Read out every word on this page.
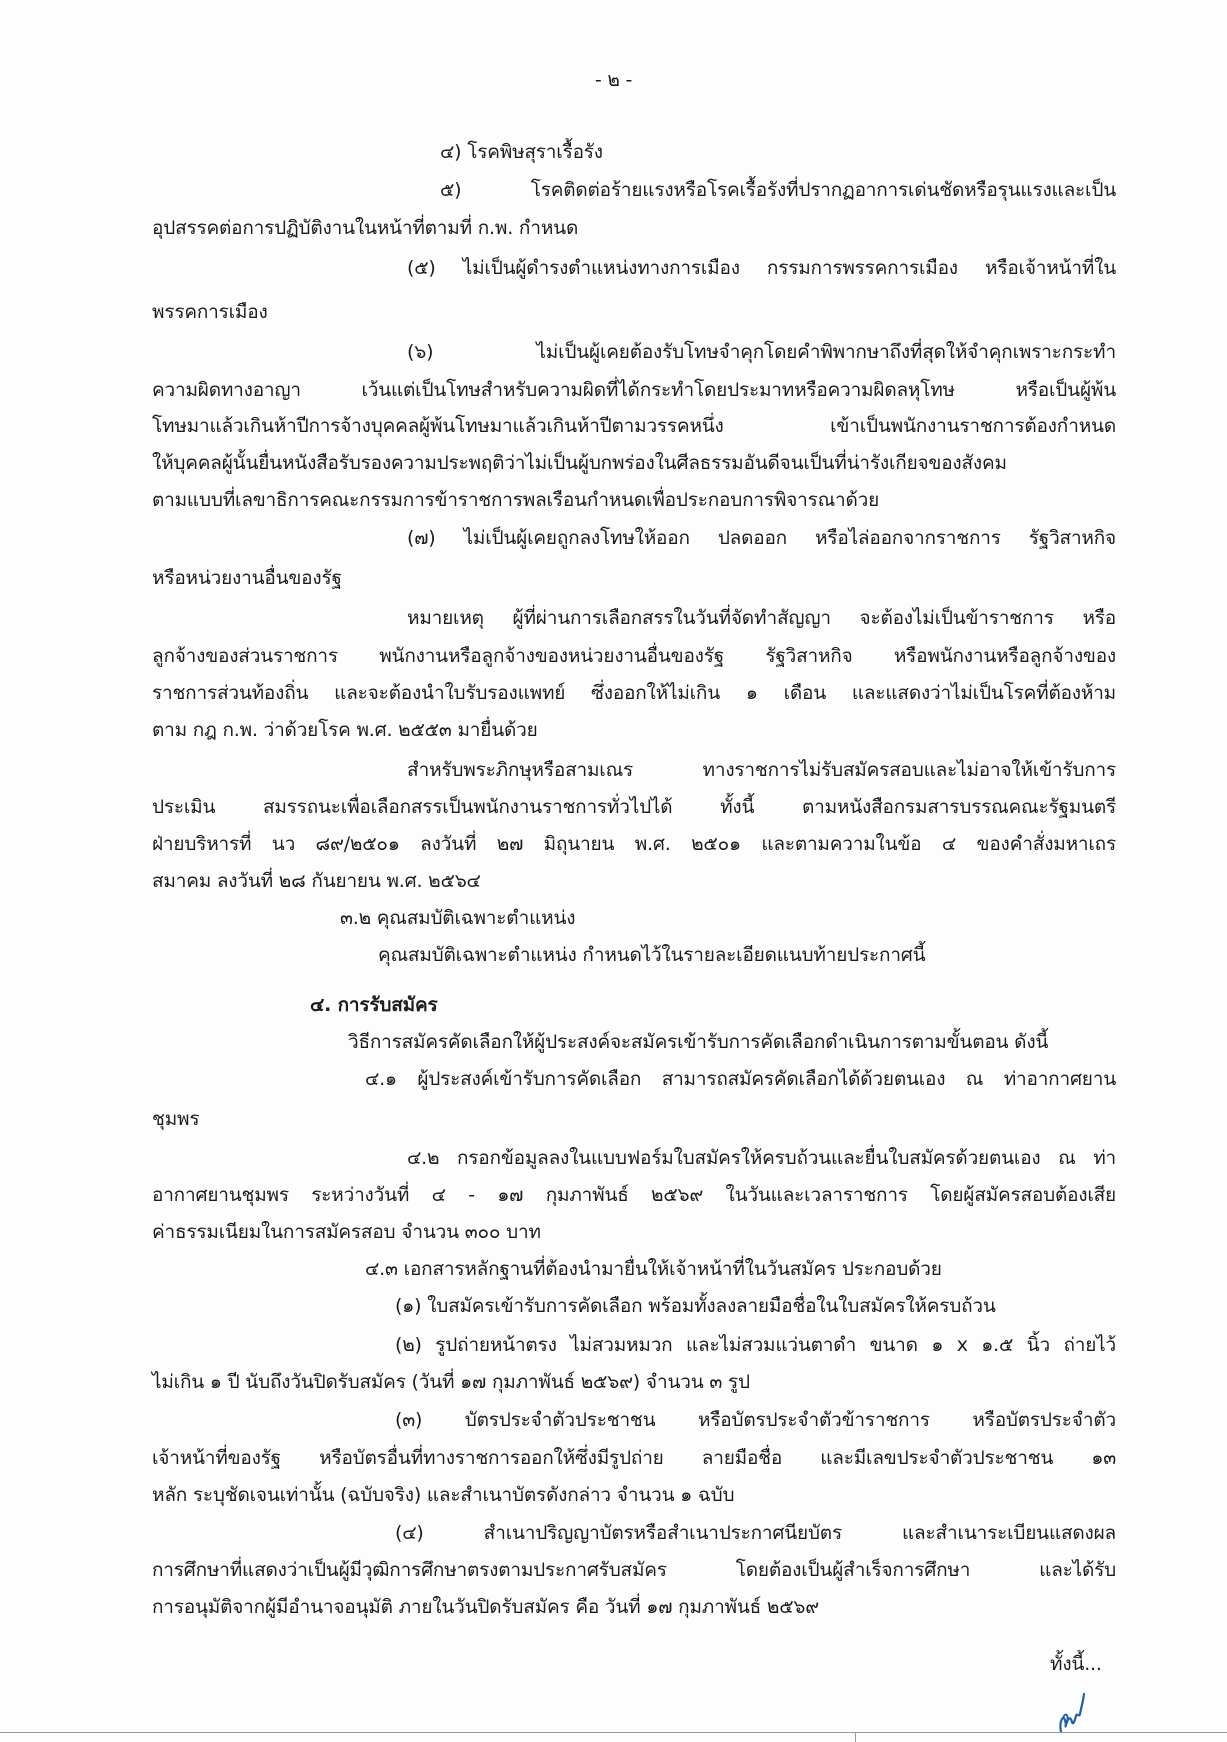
- ๒ -
๔) โรคพิษสุราเรื้อรัง
๕) โรคติดต่อร้ายแรงหรือโรคเรื้อรังที่ปรากฏอาการเด่นชัดหรือรุนแรงและเป็น
อุปสรรคต่อการปฏิบัติงานในหน้าที่ตามที่ ก.พ. กำหนด
(๕) ไม่เป็นผู้ดำรงตำแหน่งทางการเมือง กรรมการพรรคการเมือง หรือเจ้าหน้าที่ใน
พรรคการเมือง
(๖) ไม่เป็นผู้เคยต้องรับโทษจำคุกโดยคำพิพากษาถึงที่สุดให้จำคุกเพราะกระทำ
ความผิดทางอาญา เว้นแต่เป็นโทษสำหรับความผิดที่ได้กระทำโดยประมาทหรือความผิดลหุโทษ หรือเป็นผู้พ้น
โทษมาแล้วเกินห้าปีการจ้างบุคคลผู้พ้นโทษมาแล้วเกินห้าปีตามวรรคหนึ่ง เข้าเป็นพนักงานราชการต้องกำหนด
ให้บุคคลผู้นั้นยื่นหนังสือรับรองความประพฤติว่าไม่เป็นผู้บกพร่องในศีลธรรมอันดีจนเป็นที่น่ารังเกียจของสังคม
ตามแบบที่เลขาธิการคณะกรรมการข้าราชการพลเรือนกำหนดเพื่อประกอบการพิจารณาด้วย
(๗) ไม่เป็นผู้เคยถูกลงโทษให้ออก ปลดออก หรือไล่ออกจากราชการ รัฐวิสาหกิจ
หรือหน่วยงานอื่นของรัฐ
หมายเหตุ ผู้ที่ผ่านการเลือกสรรในวันที่จัดทำสัญญา จะต้องไม่เป็นข้าราชการ หรือ
ลูกจ้างของส่วนราชการ พนักงานหรือลูกจ้างของหน่วยงานอื่นของรัฐ รัฐวิสาหกิจ หรือพนักงานหรือลูกจ้างของ
ราชการส่วนท้องถิ่น และจะต้องนำใบรับรองแพทย์ ซึ่งออกให้ไม่เกิน ๑ เดือน และแสดงว่าไม่เป็นโรคที่ต้องห้าม
ตาม กฎ ก.พ. ว่าด้วยโรค พ.ศ. ๒๕๕๓ มายื่นด้วย
สำหรับพระภิกษุหรือสามเณร ทางราชการไม่รับสมัครสอบและไม่อาจให้เข้ารับการ
ประเมิน สมรรถนะเพื่อเลือกสรรเป็นพนักงานราชการทั่วไปได้ ทั้งนี้ ตามหนังสือกรมสารบรรณคณะรัฐมนตรี
ฝ่ายบริหารที่ นว ๘๙/๒๕๐๑ ลงวันที่ ๒๗ มิถุนายน พ.ศ. ๒๕๐๑ และตามความในข้อ ๔ ของคำสั่งมหาเถร
สมาคม ลงวันที่ ๒๘ กันยายน พ.ศ. ๒๕๖๔
๓.๒ คุณสมบัติเฉพาะตำแหน่ง
คุณสมบัติเฉพาะตำแหน่ง กำหนดไว้ในรายละเอียดแนบท้ายประกาศนี้
๔. การรับสมัคร
วิธีการสมัครคัดเลือกให้ผู้ประสงค์จะสมัครเข้ารับการคัดเลือกดำเนินการตามขั้นตอน ดังนี้
๔.๑ ผู้ประสงค์เข้ารับการคัดเลือก สามารถสมัครคัดเลือกได้ด้วยตนเอง ณ ท่าอากาศยาน
ชุมพร
๔.๒ กรอกข้อมูลลงในแบบฟอร์มใบสมัครให้ครบถ้วนและยื่นใบสมัครด้วยตนเอง ณ ท่า
อากาศยานชุมพร ระหว่างวันที่ ๔ - ๑๗ กุมภาพันธ์ ๒๕๖๙ ในวันและเวลาราชการ โดยผู้สมัครสอบต้องเสีย
ค่าธรรมเนียมในการสมัครสอบ จำนวน ๓๐๐ บาท
๔.๓ เอกสารหลักฐานที่ต้องนำมายื่นให้เจ้าหน้าที่ในวันสมัคร ประกอบด้วย
(๑) ใบสมัครเข้ารับการคัดเลือก พร้อมทั้งลงลายมือชื่อในใบสมัครให้ครบถ้วน
(๒) รูปถ่ายหน้าตรง ไม่สวมหมวก และไม่สวมแว่นตาดำ ขนาด ๑ x ๑.๕ นิ้ว ถ่ายไว้
ไม่เกิน ๑ ปี นับถึงวันปิดรับสมัคร (วันที่ ๑๗ กุมภาพันธ์ ๒๕๖๙) จำนวน ๓ รูป
(๓) บัตรประจำตัวประชาชน หรือบัตรประจำตัวข้าราชการ หรือบัตรประจำตัว
เจ้าหน้าที่ของรัฐ หรือบัตรอื่นที่ทางราชการออกให้ซึ่งมีรูปถ่าย ลายมือชื่อ และมีเลขประจำตัวประชาชน ๑๓
หลัก ระบุชัดเจนเท่านั้น (ฉบับจริง) และสำเนาบัตรดังกล่าว จำนวน ๑ ฉบับ
(๔) สำเนาปริญญาบัตรหรือสำเนาประกาศนียบัตร และสำเนาระเบียนแสดงผล
การศึกษาที่แสดงว่าเป็นผู้มีวุฒิการศึกษาตรงตามประกาศรับสมัคร โดยต้องเป็นผู้สำเร็จการศึกษา และได้รับ
การอนุมัติจากผู้มีอำนาจอนุมัติ ภายในวันปิดรับสมัคร คือ วันที่ ๑๗ กุมภาพันธ์ ๒๕๖๙
ทั้งนี้...
